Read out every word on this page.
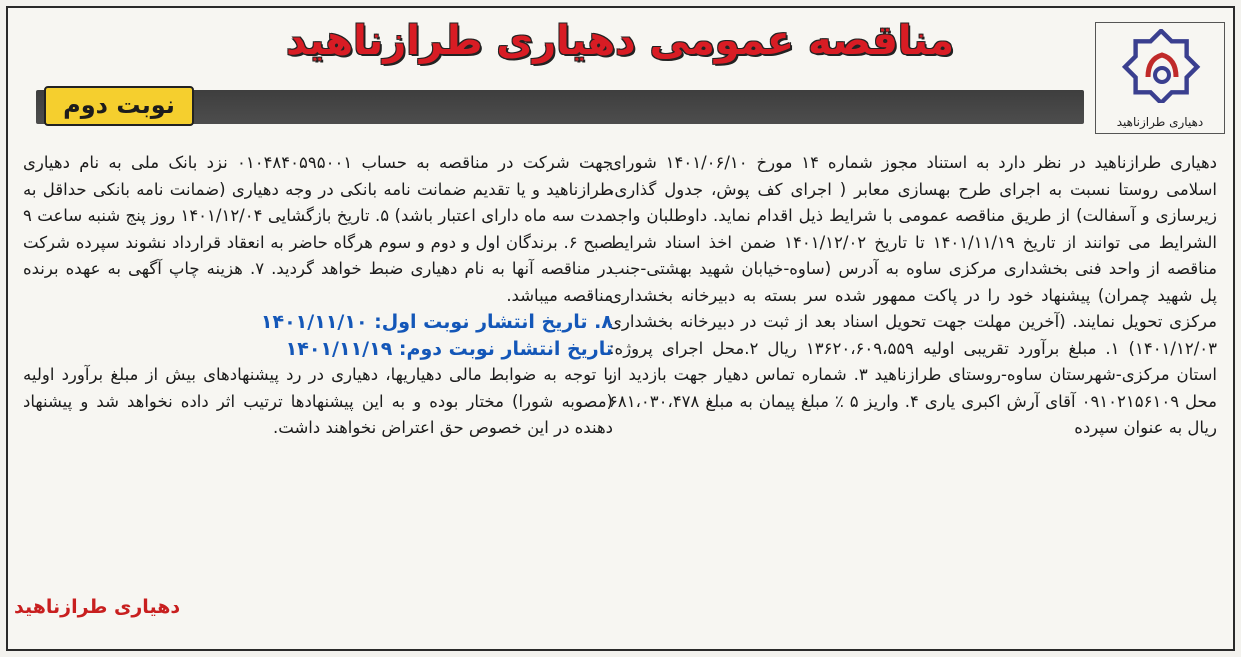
مناقصه عمومی دهیاری طرازناهید
دهیاری طرازناهید
نوبت دوم

دهیاری طرازناهید در نظر دارد به استناد مجوز شماره ۱۴ مورخ ۱۴۰۱/۰۶/۱۰ شورای اسلامی روستا نسبت به اجرای طرح بهسازی معابر ( اجرای کف پوش، جدول گذاری، زیرسازی و آسفالت) از طریق مناقصه عمومی با شرایط ذیل اقدام نماید. داوطلبان واجد الشرایط می توانند از تاریخ ۱۴۰۱/۱۱/۱۹ تا تاریخ ۱۴۰۱/۱۲/۰۲ ضمن اخذ اسناد شرایط مناقصه از واحد فنی بخشداری مرکزی ساوه به آدرس (ساوه-خیابان شهید بهشتی-جنب پل شهید چمران) پیشنهاد خود را در پاکت ممهور شده سر بسته به دبیرخانه بخشداری مرکزی تحویل نمایند. (آخرین مهلت جهت تحویل اسناد بعد از ثبت در دبیرخانه بخشداری ۱۴۰۱/۱۲/۰۳) ۱. مبلغ برآورد تقریبی اولیه ۱۳۶۲۰،۶۰۹،۵۵۹ ریال ۲.محل اجرای پروژه: استان مرکزی-شهرستان ساوه-روستای طرازناهید ۳. شماره تماس دهیار جهت بازدید از محل ۰۹۱۰۲۱۵۶۱۰۹ آقای آرش اکبری یاری ۴. واریز ۵ ٪ مبلغ پیمان به مبلغ ۶۸۱،۰۳۰،۴۷۸ ریال به عنوان سپرده

جهت شرکت در مناقصه به حساب ۰۱۰۴۸۴۰۵۹۵۰۰۱ نزد بانک ملی به نام دهیاری طرازناهید و یا تقدیم ضمانت نامه بانکی در وجه دهیاری (ضمانت نامه بانکی حداقل به مدت سه ماه دارای اعتبار باشد) ۵. تاریخ بازگشایی ۱۴۰۱/۱۲/۰۴ روز پنج شنبه ساعت ۹ صبح ۶. برندگان اول و دوم و سوم هرگاه حاضر به انعقاد قرارداد نشوند سپرده شرکت در مناقصه آنها به نام دهیاری ضبط خواهد گردید. ۷. هزینه چاپ آگهی به عهده برنده مناقصه میباشد.

۸. تاریخ انتشار نوبت اول: ۱۴۰۱/۱۱/۱۰

تاریخ انتشار نوبت دوم: ۱۴۰۱/۱۱/۱۹

با توجه به ضوابط مالی دهیاریها، دهیاری در رد پیشنهادهای بیش از مبلغ برآورد اولیه (مصوبه شورا) مختار بوده و به این پیشنهادها ترتیب اثر داده نخواهد شد و پیشنهاد دهنده در این خصوص حق اعتراض نخواهند داشت.

دهیاری طرازناهید
